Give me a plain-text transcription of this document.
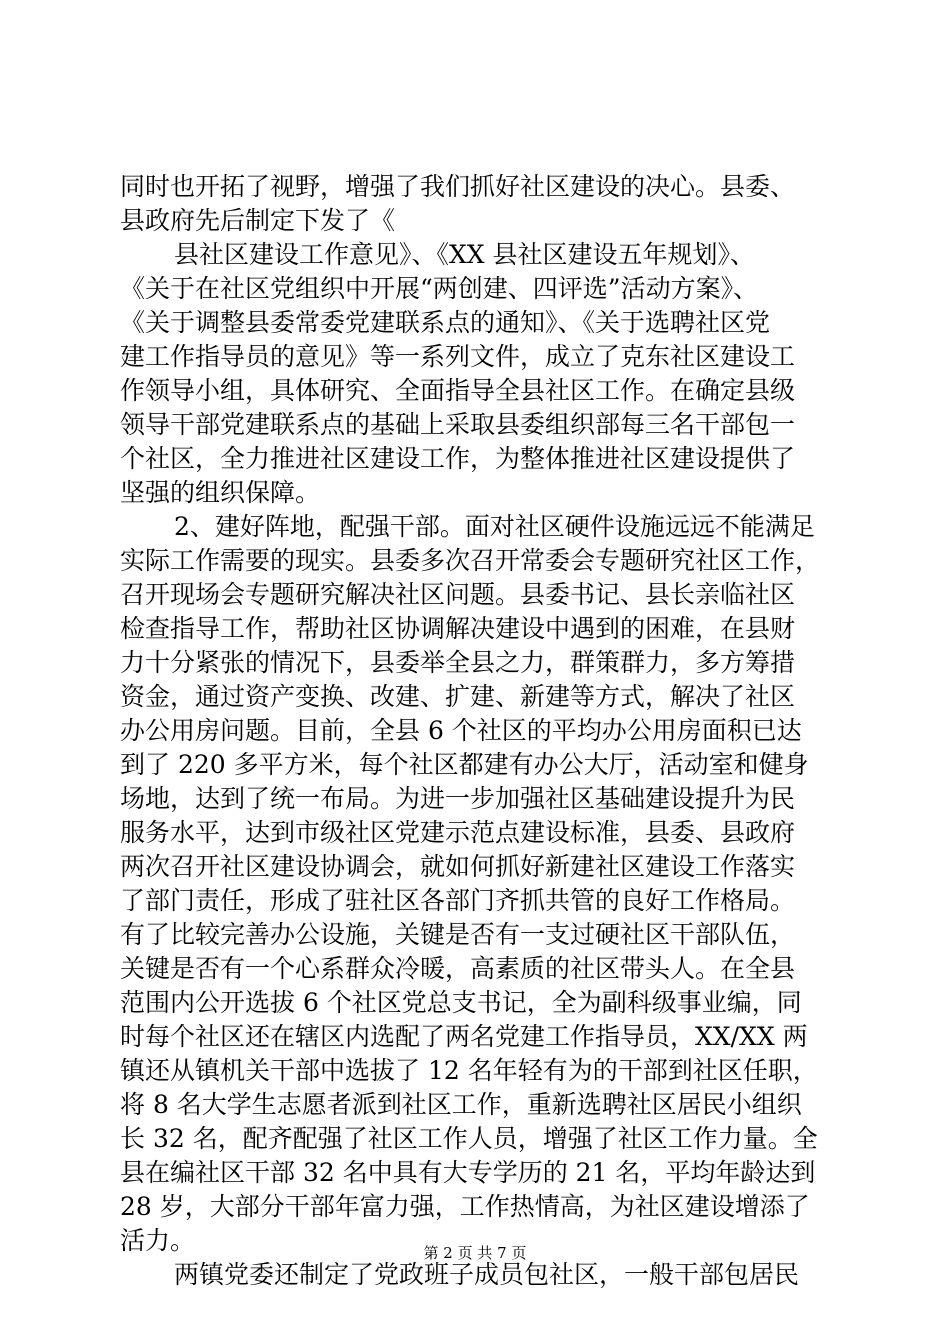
同时也开拓了视野，增强了我们抓好社区建设的决心。县委、
县政府先后制定下发了《
县社区建设工作意见》、《XX 县社区建设五年规划》、
《关于在社区党组织中开展“两创建、四评选”活动方案》、
《关于调整县委常委党建联系点的通知》、《关于选聘社区党
建工作指导员的意见》等一系列文件，成立了克东社区建设工
作领导小组，具体研究、全面指导全县社区工作。在确定县级
领导干部党建联系点的基础上采取县委组织部每三名干部包一
个社区，全力推进社区建设工作，为整体推进社区建设提供了
坚强的组织保障。
2、建好阵地，配强干部。面对社区硬件设施远远不能满足
实际工作需要的现实。县委多次召开常委会专题研究社区工作，
召开现场会专题研究解决社区问题。县委书记、县长亲临社区
检查指导工作，帮助社区协调解决建设中遇到的困难，在县财
力十分紧张的情况下，县委举全县之力，群策群力，多方筹措
资金，通过资产变换、改建、扩建、新建等方式，解决了社区
办公用房问题。目前，全县 6 个社区的平均办公用房面积已达
到了 220 多平方米，每个社区都建有办公大厅，活动室和健身
场地，达到了统一布局。为进一步加强社区基础建设提升为民
服务水平，达到市级社区党建示范点建设标准，县委、县政府
两次召开社区建设协调会，就如何抓好新建社区建设工作落实
了部门责任，形成了驻社区各部门齐抓共管的良好工作格局。
有了比较完善办公设施，关键是否有一支过硬社区干部队伍，
关键是否有一个心系群众冷暖，高素质的社区带头人。在全县
范围内公开选拔 6 个社区党总支书记，全为副科级事业编，同
时每个社区还在辖区内选配了两名党建工作指导员，XX/XX 两
镇还从镇机关干部中选拔了 12 名年轻有为的干部到社区任职，
将 8 名大学生志愿者派到社区工作，重新选聘社区居民小组织
长 32 名，配齐配强了社区工作人员，增强了社区工作力量。全
县在编社区干部 32 名中具有大专学历的 21 名，平均年龄达到
28 岁，大部分干部年富力强，工作热情高，为社区建设增添了
活力。
两镇党委还制定了党政班子成员包社区，一般干部包居民
第 2 页 共 7 页
